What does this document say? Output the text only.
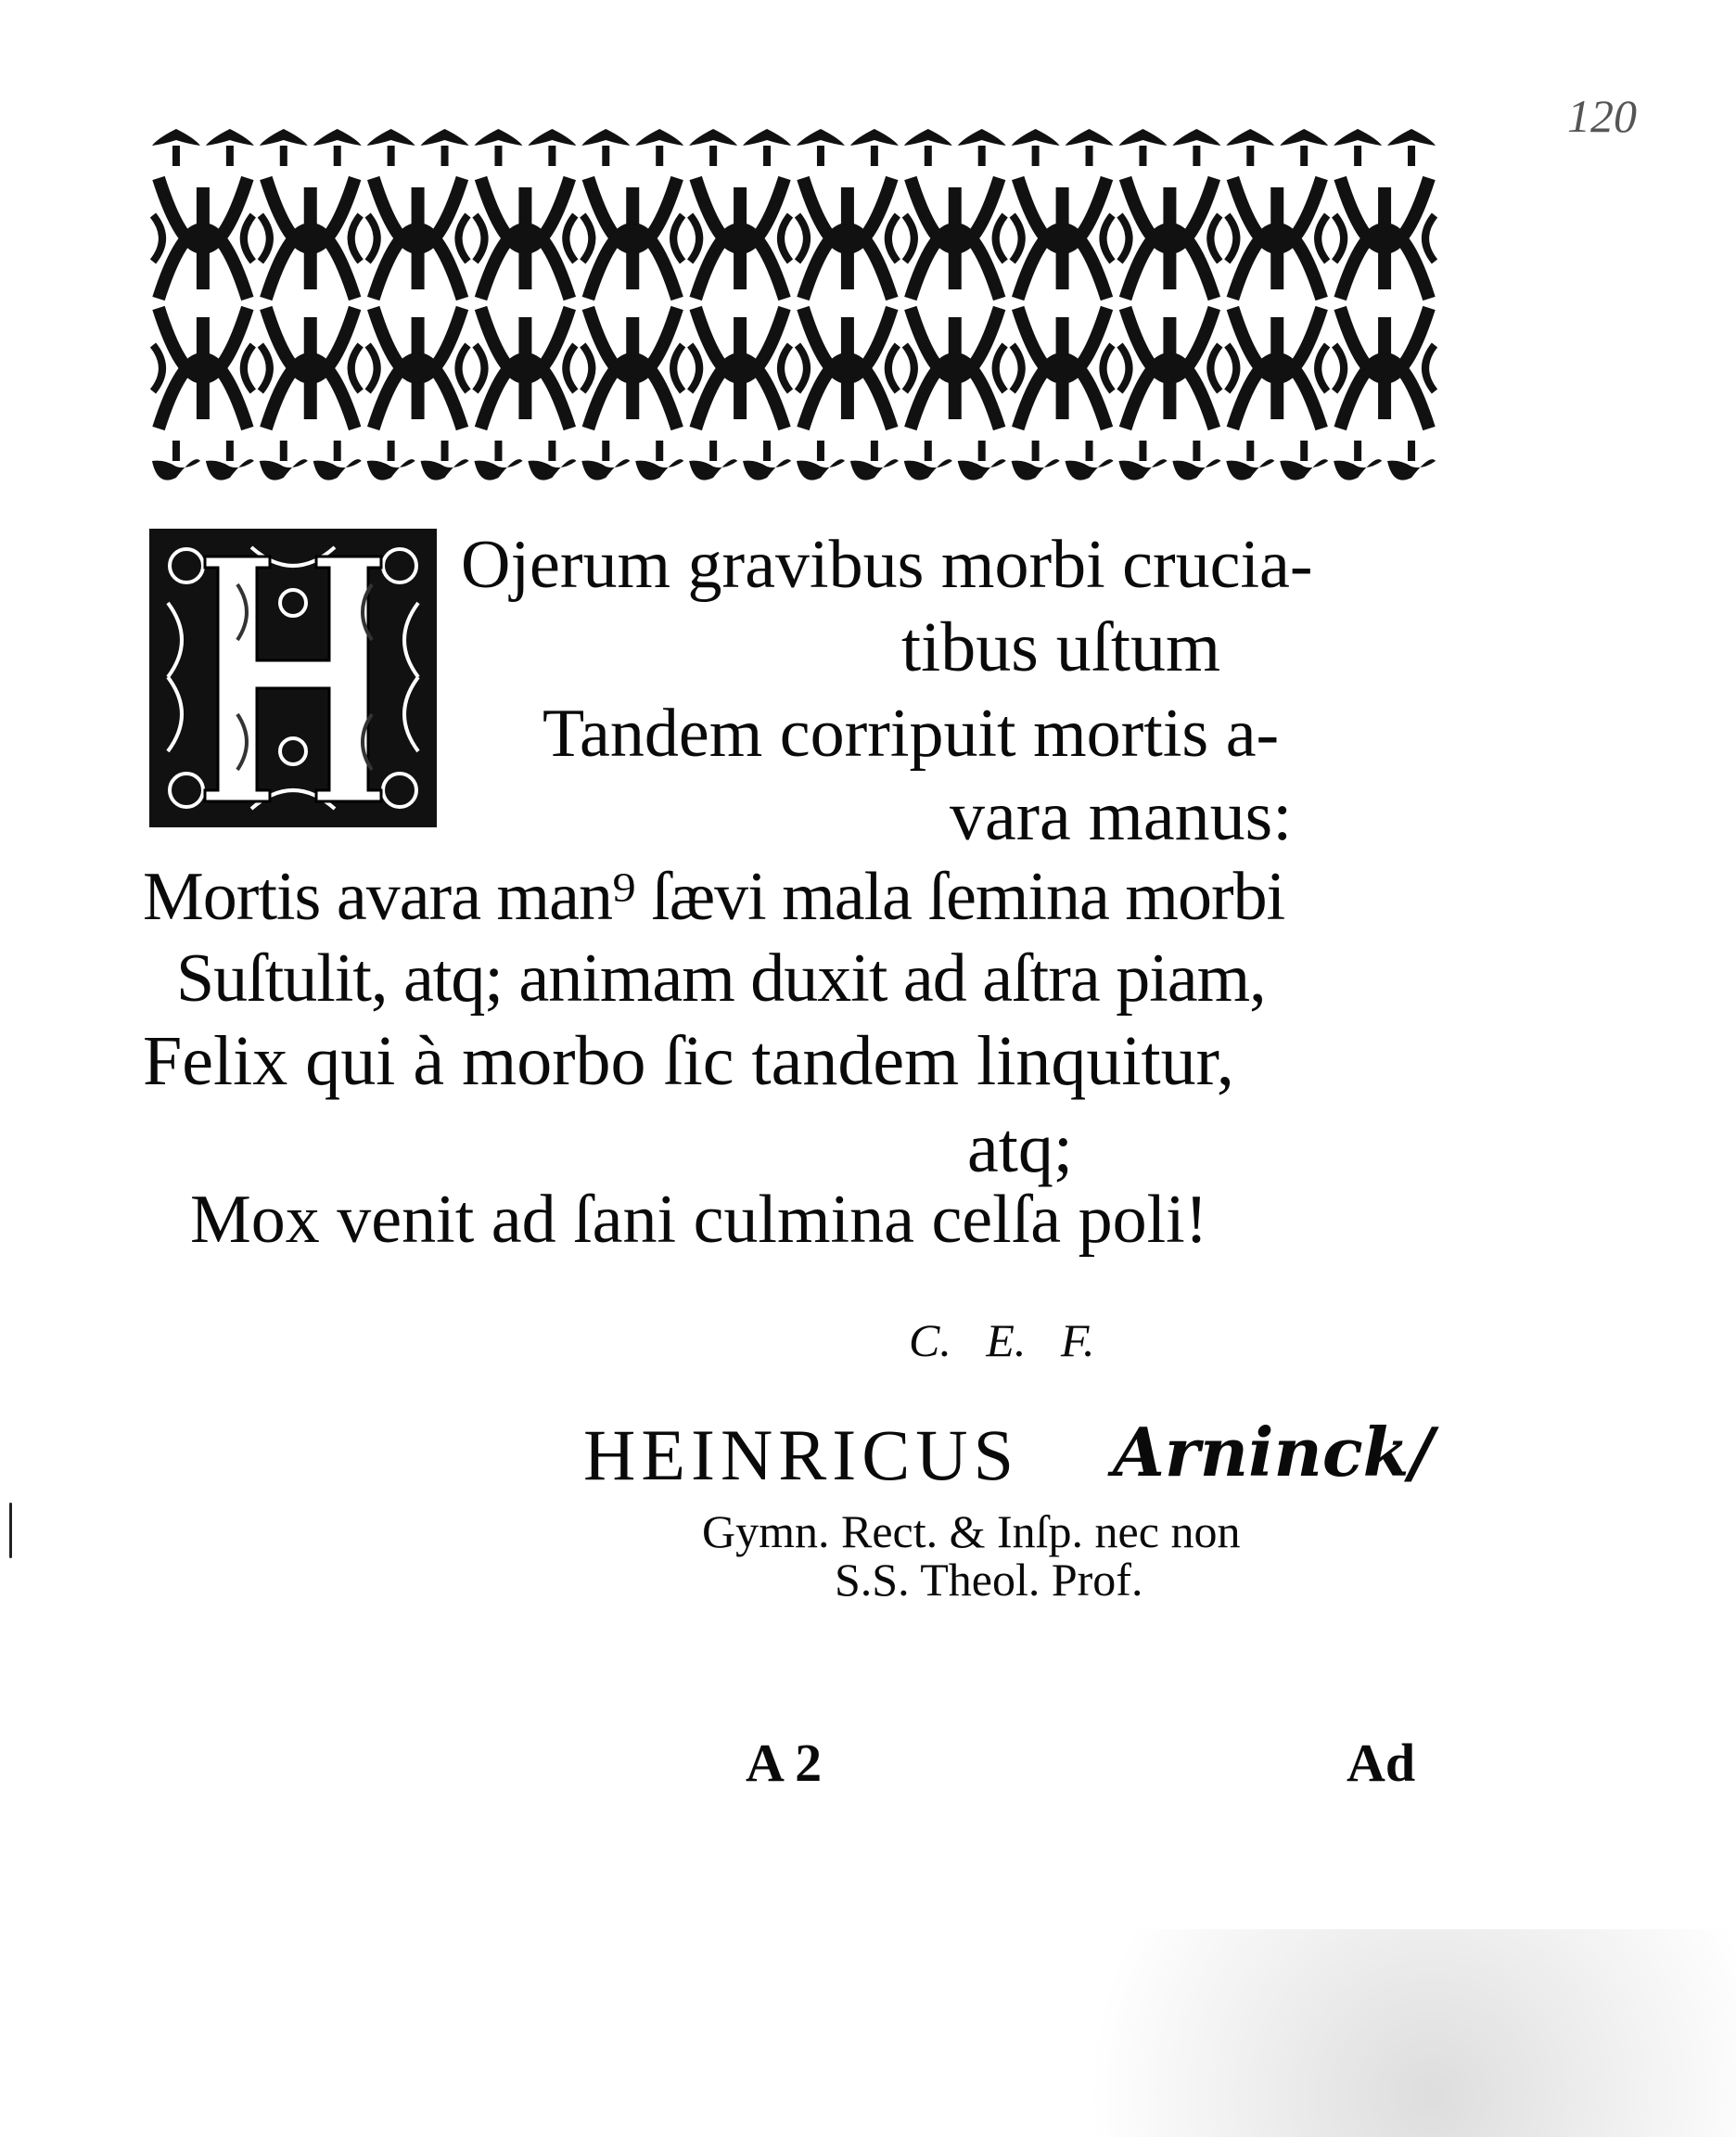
120
Ojerum gravibus morbi crucia-
tibus uſtum
Tandem corripuit mortis a-
vara manus:
Mortis avara man⁹ ſævi mala ſemina morbi
Suſtulit, atq; animam duxit ad aſtra piam,
Felix qui à morbo ſic tandem linquitur,
atq;
Mox venit ad ſani culmina celſa poli!
C.   E.   F.
HEINRICUS Arninck/
Gymn. Rect. & Inſp. nec non
S.S. Theol. Prof.
A 2	Ad
